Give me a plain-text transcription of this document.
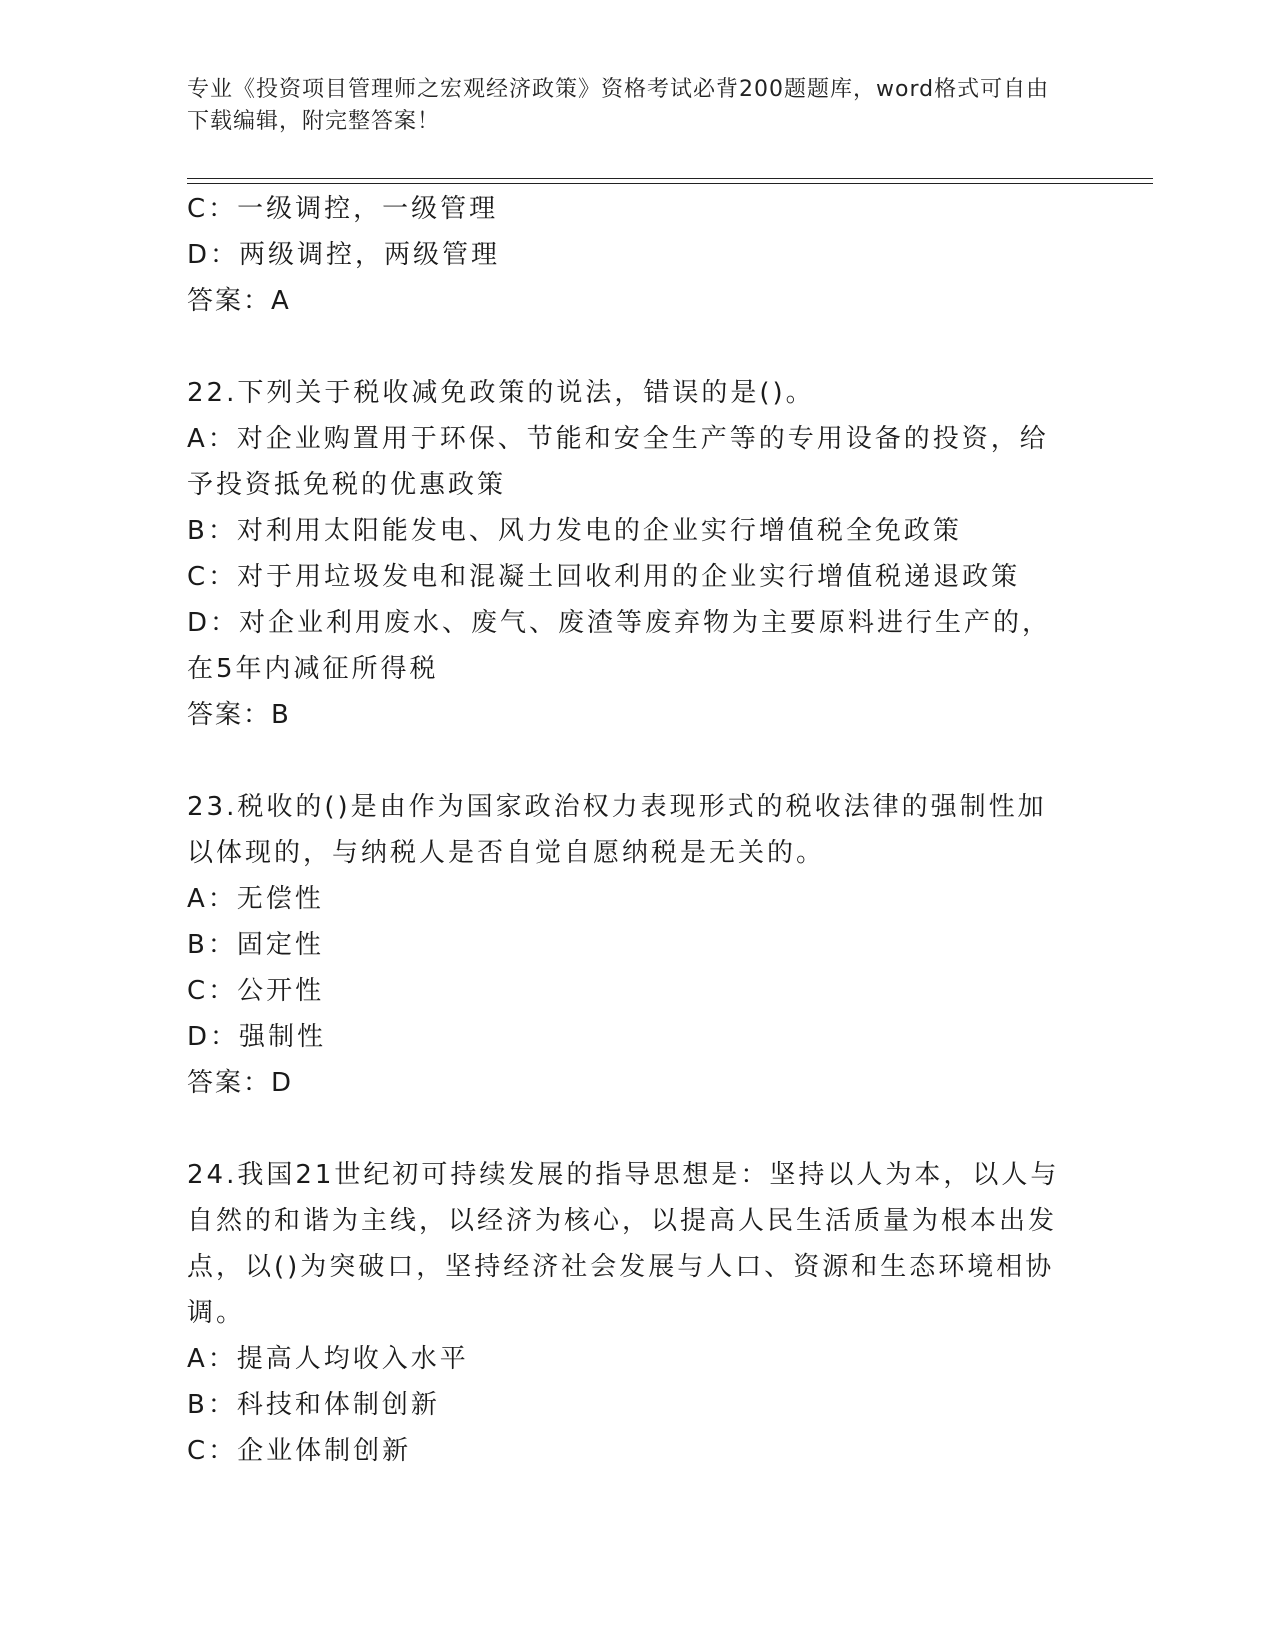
专业《投资项目管理师之宏观经济政策》资格考试必背200题题库，word格式可自由下载编辑，附完整答案！
C：一级调控，一级管理
D：两级调控，两级管理
答案：A
22.下列关于税收减免政策的说法，错误的是()。
A：对企业购置用于环保、节能和安全生产等的专用设备的投资，给予投资抵免税的优惠政策
B：对利用太阳能发电、风力发电的企业实行增值税全免政策
C：对于用垃圾发电和混凝土回收利用的企业实行增值税递退政策
D：对企业利用废水、废气、废渣等废弃物为主要原料进行生产的，在5年内减征所得税
答案：B
23.税收的()是由作为国家政治权力表现形式的税收法律的强制性加以体现的，与纳税人是否自觉自愿纳税是无关的。
A：无偿性
B：固定性
C：公开性
D：强制性
答案：D
24.我国21世纪初可持续发展的指导思想是：坚持以人为本，以人与自然的和谐为主线，以经济为核心，以提高人民生活质量为根本出发点，以()为突破口，坚持经济社会发展与人口、资源和生态环境相协调。
A：提高人均收入水平
B：科技和体制创新
C：企业体制创新
